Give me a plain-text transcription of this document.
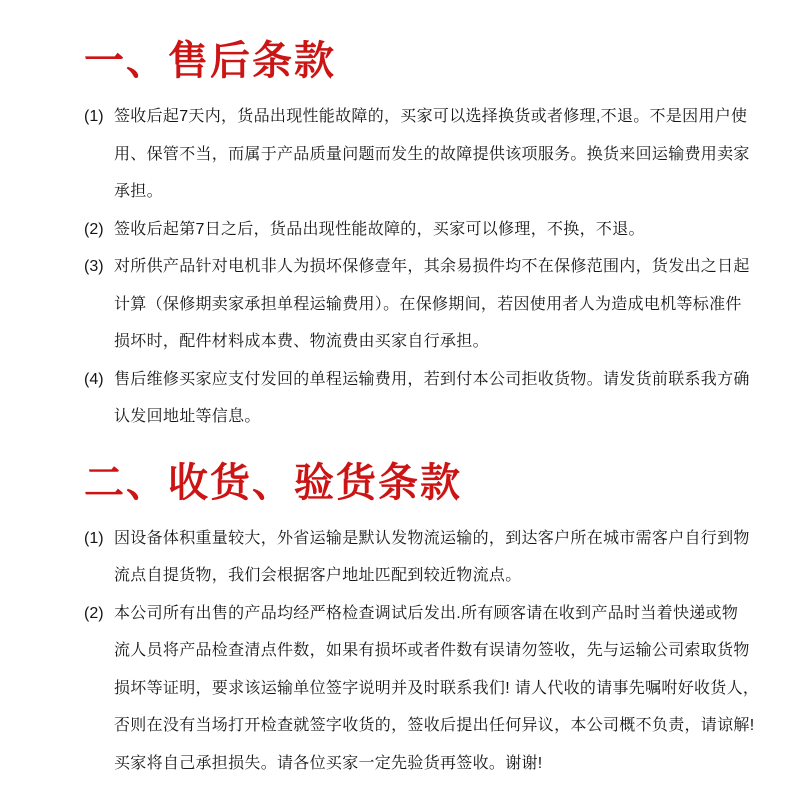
一、售后条款
(1) 签收后起7天内，货品出现性能故障的，买家可以选择换货或者修理,不退。不是因用户使
用、保管不当，而属于产品质量问题而发生的故障提供该项服务。换货来回运输费用卖家
承担。
(2) 签收后起第7日之后，货品出现性能故障的，买家可以修理，不换，不退。
(3) 对所供产品针对电机非人为损坏保修壹年，其余易损件均不在保修范围内，货发出之日起
计算（保修期卖家承担单程运输费用）。在保修期间，若因使用者人为造成电机等标准件
损坏时，配件材料成本费、物流费由买家自行承担。
(4) 售后维修买家应支付发回的单程运输费用，若到付本公司拒收货物。请发货前联系我方确
认发回地址等信息。
二、收货、验货条款
(1) 因设备体积重量较大，外省运输是默认发物流运输的，到达客户所在城市需客户自行到物
流点自提货物，我们会根据客户地址匹配到较近物流点。
(2) 本公司所有出售的产品均经严格检查调试后发出.所有顾客请在收到产品时当着快递或物
流人员将产品检查清点件数，如果有损坏或者件数有误请勿签收，先与运输公司索取货物
损坏等证明，要求该运输单位签字说明并及时联系我们! 请人代收的请事先嘱咐好收货人，
否则在没有当场打开检查就签字收货的，签收后提出任何异议，本公司概不负责，请谅解!
买家将自己承担损失。请各位买家一定先验货再签收。谢谢!
